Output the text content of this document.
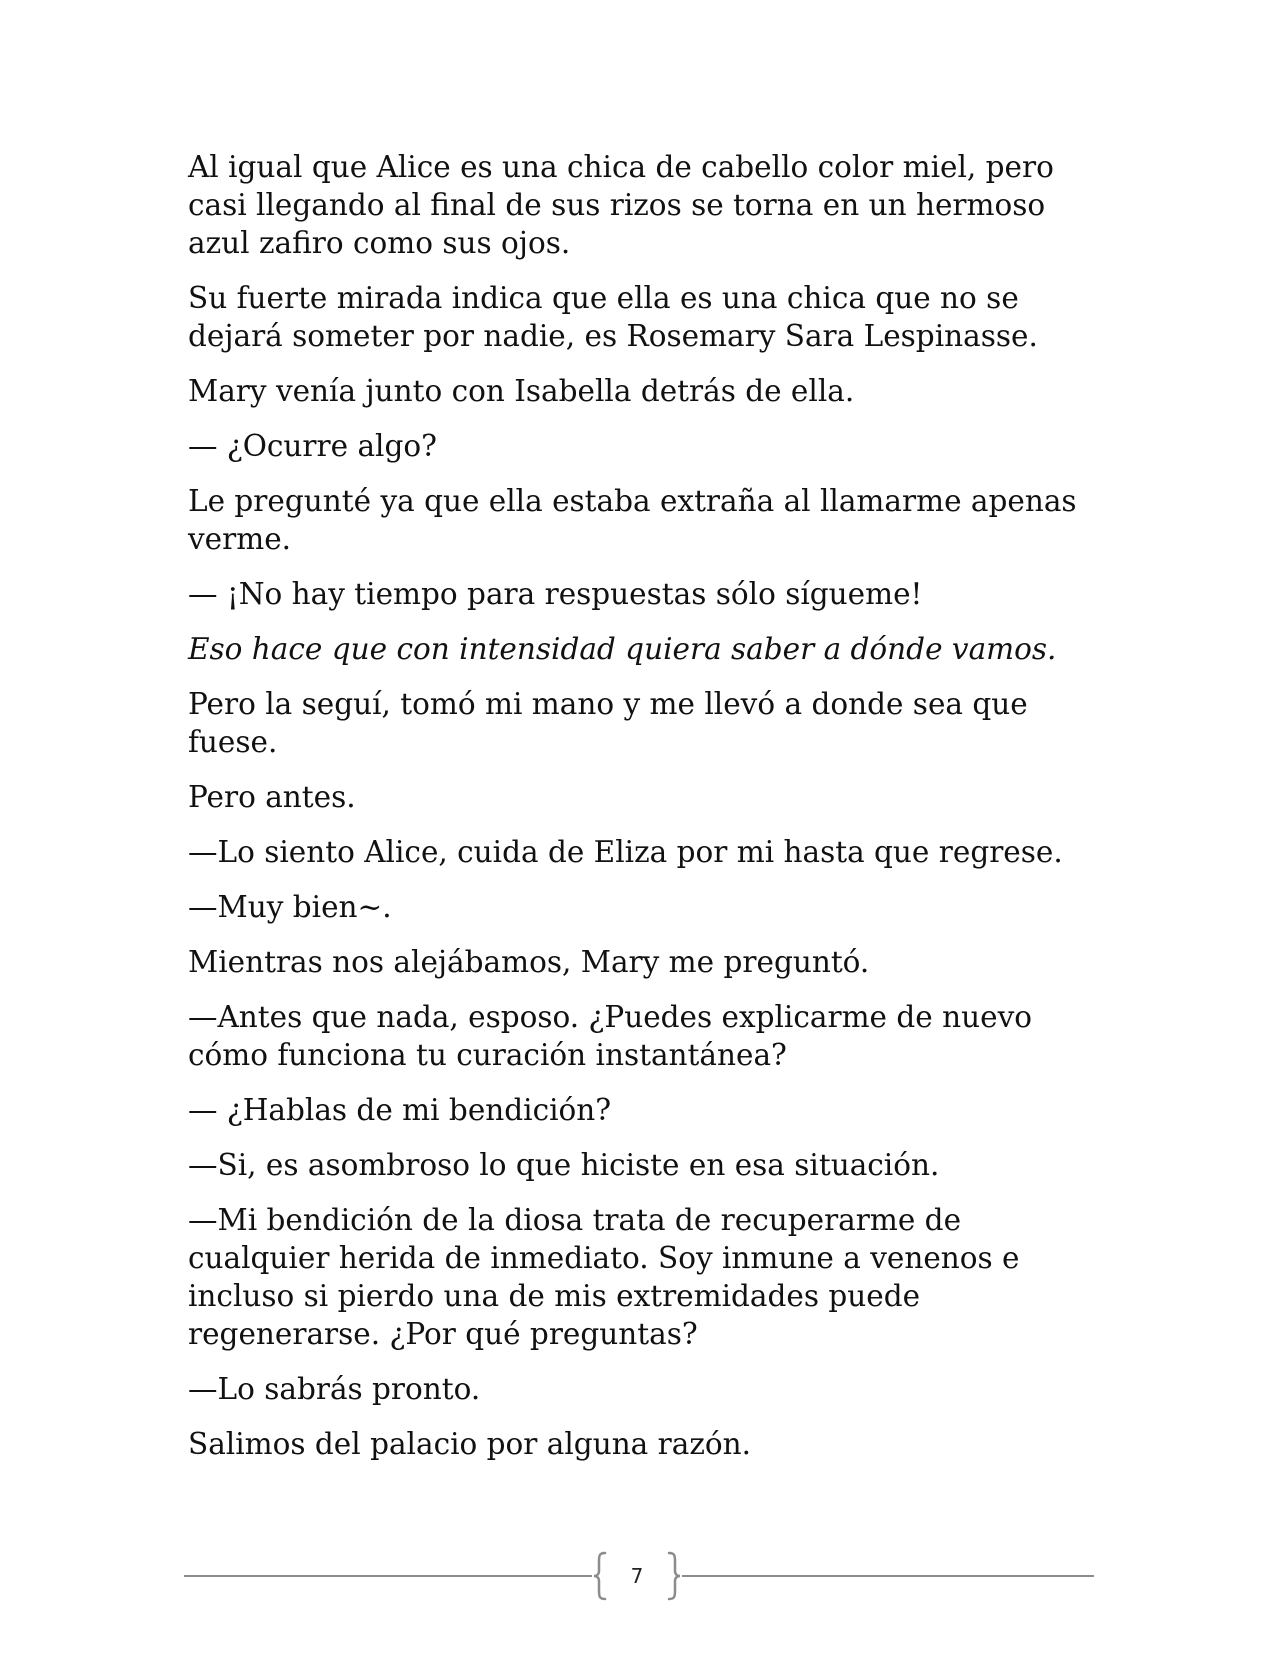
Al igual que Alice es una chica de cabello color miel, pero casi llegando al final de sus rizos se torna en un hermoso azul zafiro como sus ojos.

Su fuerte mirada indica que ella es una chica que no se dejará someter por nadie, es Rosemary Sara Lespinasse.

Mary venía junto con Isabella detrás de ella.

— ¿Ocurre algo?

Le pregunté ya que ella estaba extraña al llamarme apenas verme.

— ¡No hay tiempo para respuestas sólo sígueme!

Eso hace que con intensidad quiera saber a dónde vamos.

Pero la seguí, tomó mi mano y me llevó a donde sea que fuese.

Pero antes.

—Lo siento Alice, cuida de Eliza por mi hasta que regrese.

—Muy bien~.

Mientras nos alejábamos, Mary me preguntó.

—Antes que nada, esposo. ¿Puedes explicarme de nuevo cómo funciona tu curación instantánea?

— ¿Hablas de mi bendición?

—Si, es asombroso lo que hiciste en esa situación.

—Mi bendición de la diosa trata de recuperarme de cualquier herida de inmediato. Soy inmune a venenos e incluso si pierdo una de mis extremidades puede regenerarse. ¿Por qué preguntas?

—Lo sabrás pronto.

Salimos del palacio por alguna razón.

7
